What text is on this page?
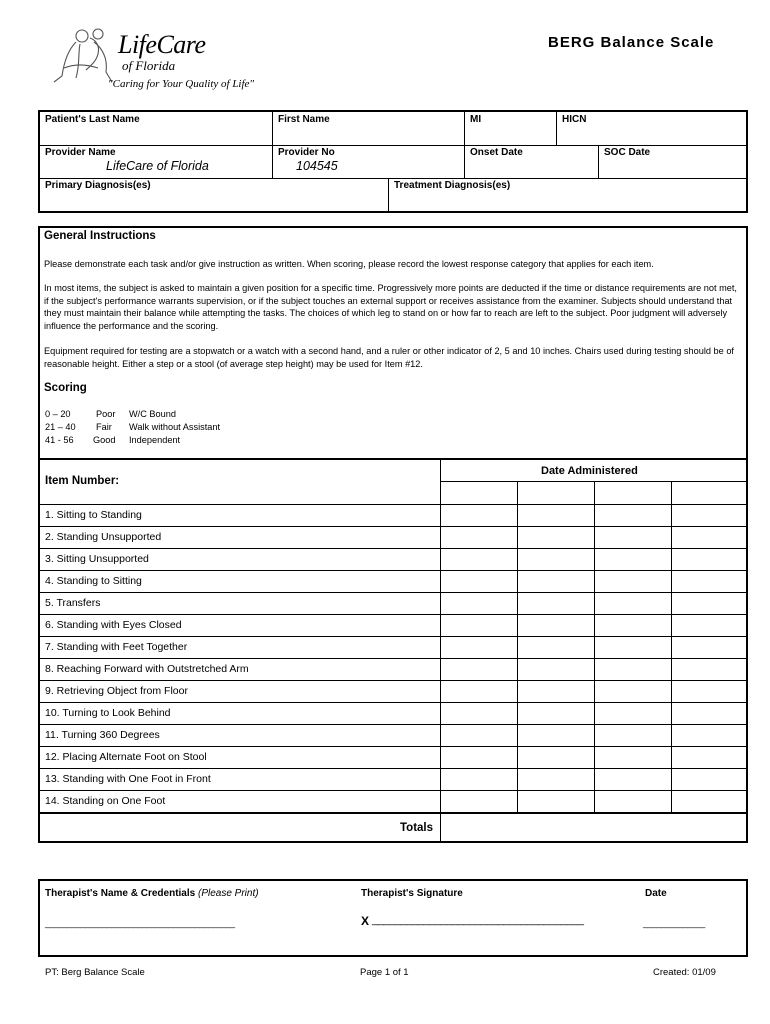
LifeCare
of Florida
"Caring for Your Quality of Life"
BERG Balance Scale
Patient's Last Name	First Name	MI	HICN
Provider Name
LifeCare of Florida
Provider No
104545
Onset Date	SOC Date
Primary Diagnosis(es)	Treatment Diagnosis(es)
General Instructions
Please demonstrate each task and/or give instruction as written. When scoring, please record the lowest response category that applies for each item.
In most items, the subject is asked to maintain a given position for a specific time. Progressively more points are deducted if the time or distance requirements are not met, if the subject's performance warrants supervision, or if the subject touches an external support or receives assistance from the examiner. Subjects should understand that they must maintain their balance while attempting the tasks. The choices of which leg to stand on or how far to reach are left to the subject. Poor judgment will adversely influence the performance and the scoring.
Equipment required for testing are a stopwatch or a watch with a second hand, and a ruler or other indicator of 2, 5 and 10 inches. Chairs used during testing should be of reasonable height. Either a step or a stool (of average step height) may be used for Item #12.
Scoring
0 – 20	Poor W/C Bound
21 – 40 Fair Walk without Assistant
41 - 56 Good Independent
Item Number:
Date Administered
1. Sitting to Standing
2. Standing Unsupported
3. Sitting Unsupported
4. Standing to Sitting
5. Transfers
6. Standing with Eyes Closed
7. Standing with Feet Together
8. Reaching Forward with Outstretched Arm
9. Retrieving Object from Floor
10. Turning to Look Behind
11. Turning 360 Degrees
12. Placing Alternate Foot on Stool
13. Standing with One Foot in Front
14. Standing on One Foot
Totals
Therapist's Name & Credentials (Please Print)	Therapist's Signature	Date
___________________________________________	X _____________________________________	______________
PT: Berg Balance Scale	Page 1 of 1	Created: 01/09
